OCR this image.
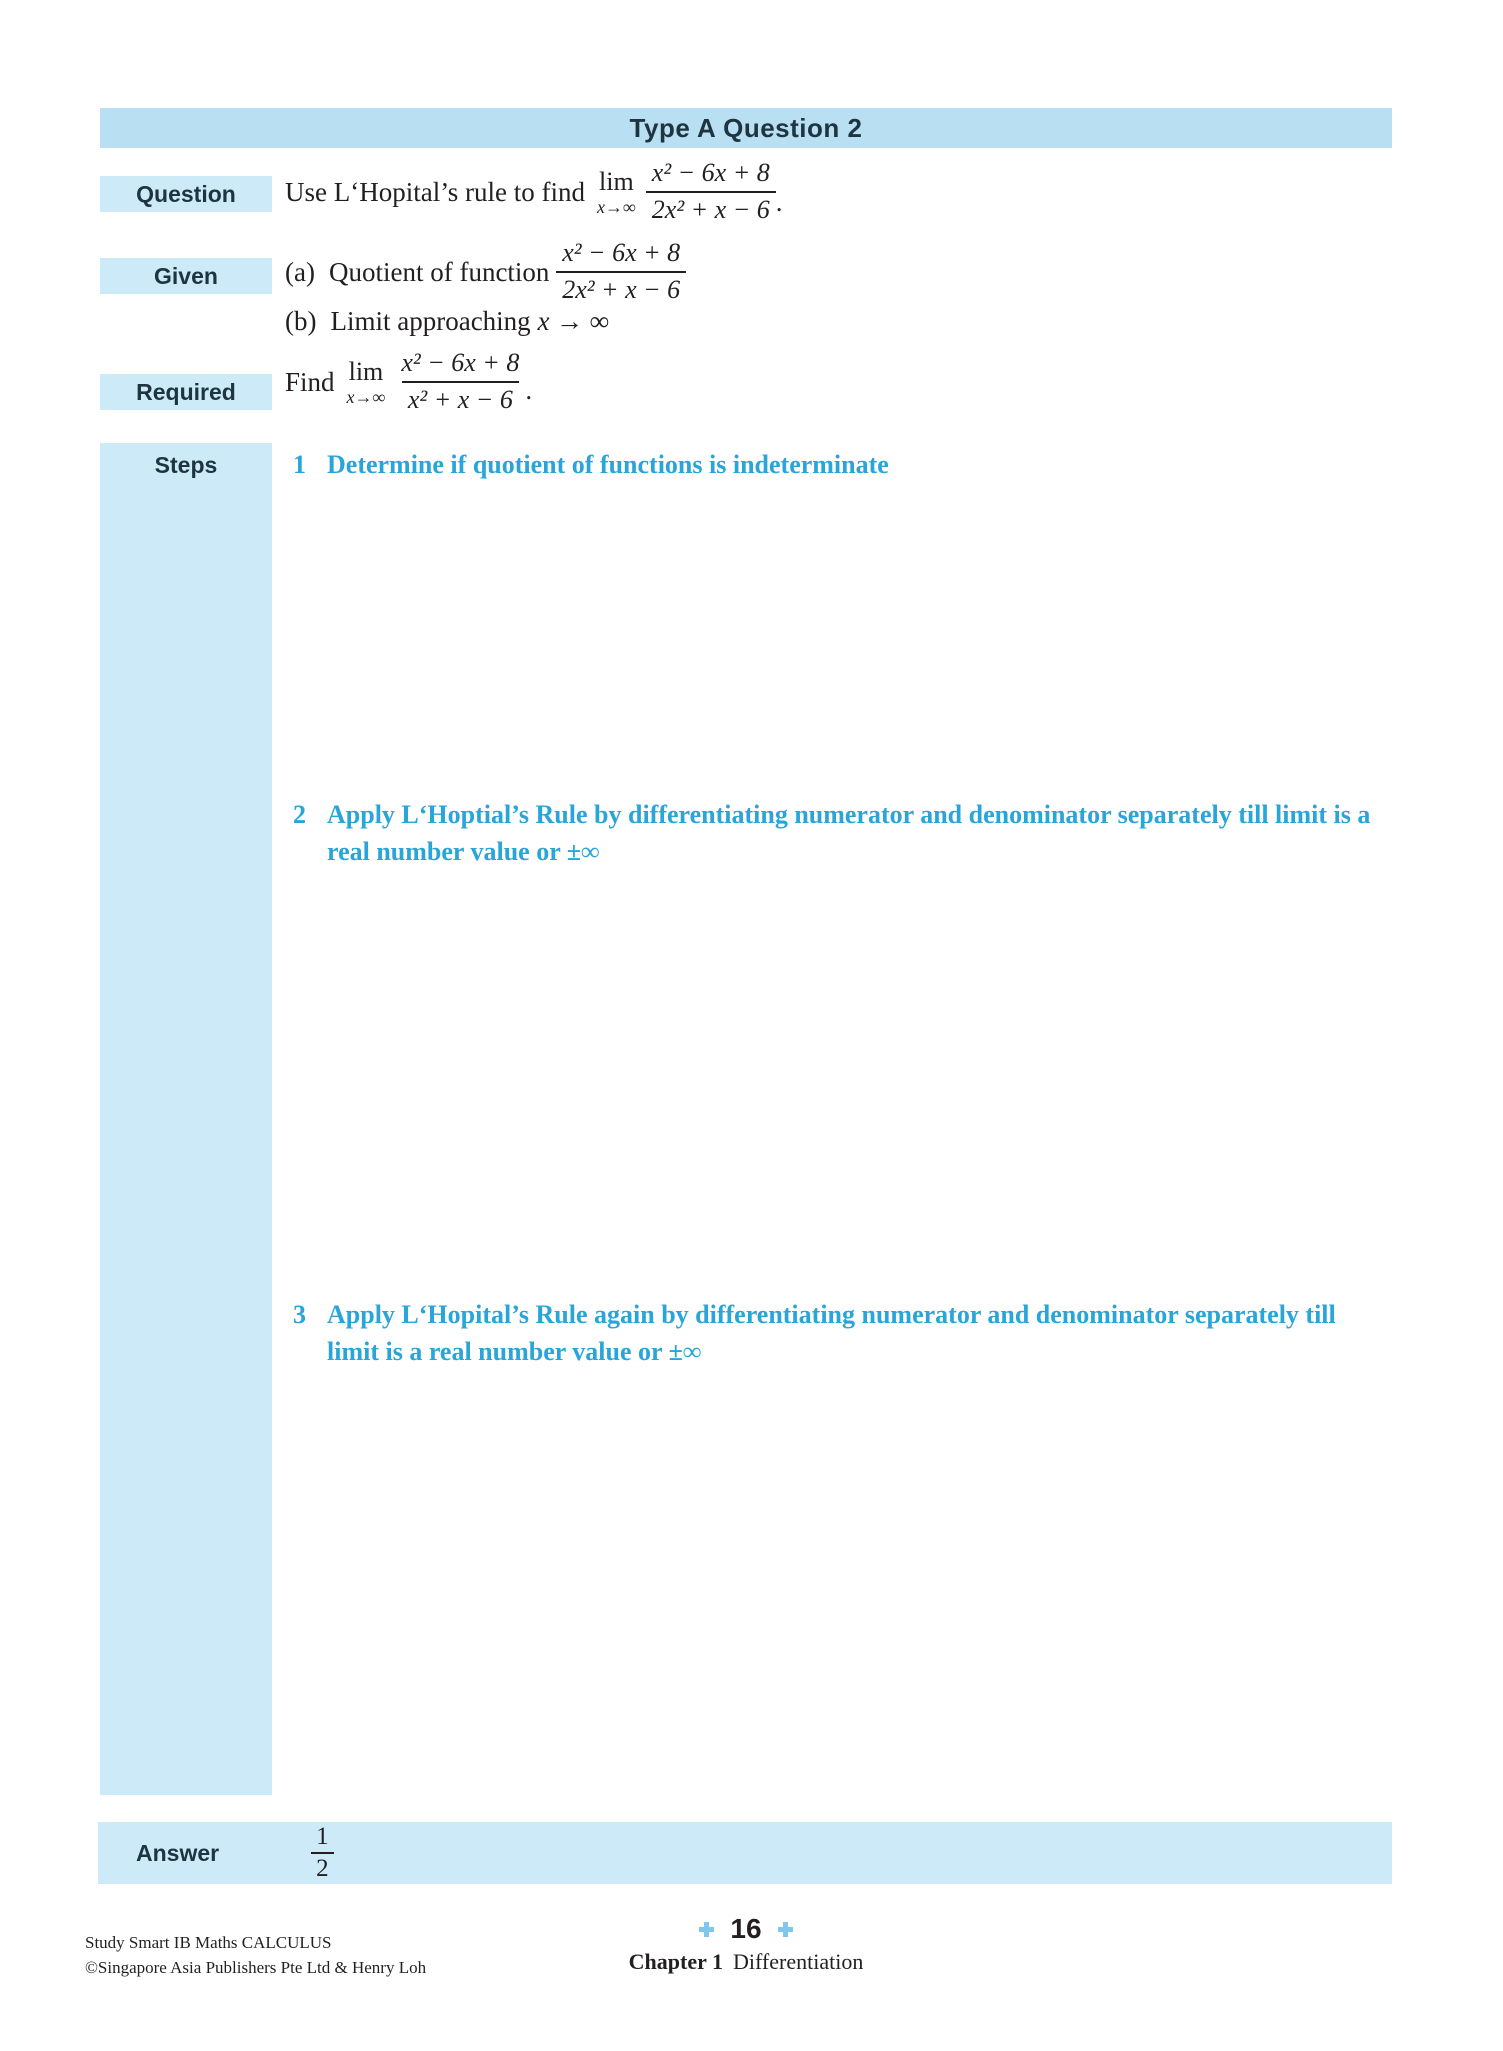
Type A Question 2
Question	Use L‘Hopital’s rule to find lim
$x\to\infty \frac{\text{x² − 6x + 8}}{\text{2x² + x − 6}}$ .
Given	(a) Quotient of function $\frac{\text{x² − 6x + 8}}{\text{2x² + x − 6}}$
(b) Limit approaching x → ∞
Required	Find lim
$x\to\infty \frac{\text{x² − 6x + 8}}{\text{x² + x − 6}}$ .
Steps	1 Determine if quotient of functions is indeterminate
2 Apply L‘Hoptial’s Rule by differentiating numerator and denominator separately till limit is a real number value or ±∞
3 Apply L‘Hopital’s Rule again by differentiating numerator and denominator separately till limit is a real number value or ±∞
Answer	$\frac{1}{2}$
Study Smart IB Maths CALCULUS
©Singapore Asia Publishers Pte Ltd & Henry Loh
16
Chapter 1 Differentiation
